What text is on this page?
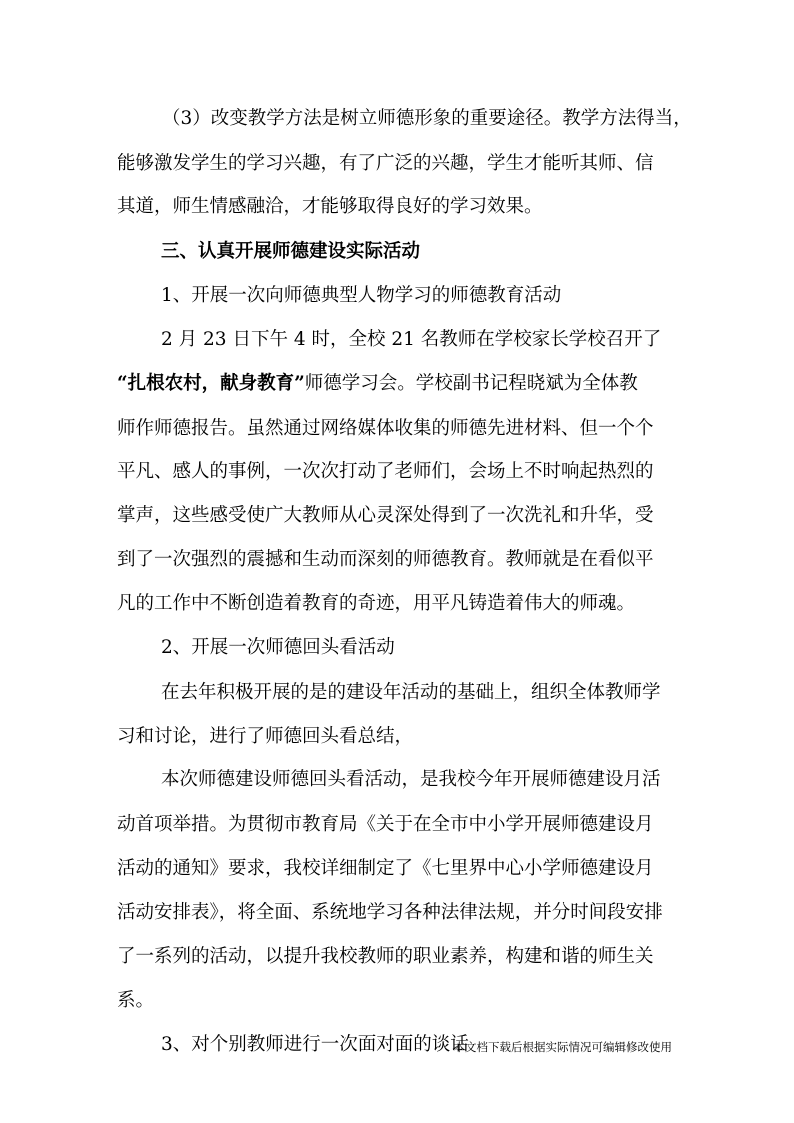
（3）改变教学方法是树立师德形象的重要途径。教学方法得当，
能够激发学生的学习兴趣，有了广泛的兴趣，学生才能听其师、信
其道，师生情感融洽，才能够取得良好的学习效果。
三、认真开展师德建设实际活动
1、开展一次向师德典型人物学习的师德教育活动
2 月 23 日下午 4 时，全校 21 名教师在学校家长学校召开了
“扎根农村，献身教育”师德学习会。学校副书记程晓斌为全体教
师作师德报告。虽然通过网络媒体收集的师德先进材料、但一个个
平凡、感人的事例，一次次打动了老师们，会场上不时响起热烈的
掌声，这些感受使广大教师从心灵深处得到了一次洗礼和升华，受
到了一次强烈的震撼和生动而深刻的师德教育。教师就是在看似平
凡的工作中不断创造着教育的奇迹，用平凡铸造着伟大的师魂。
2、开展一次师德回头看活动
在去年积极开展的是的建设年活动的基础上，组织全体教师学
习和讨论，进行了师德回头看总结，
本次师德建设师德回头看活动，是我校今年开展师德建设月活
动首项举措。为贯彻市教育局《关于在全市中小学开展师德建设月
活动的通知》要求，我校详细制定了《七里界中心小学师德建设月
活动安排表》，将全面、系统地学习各种法律法规，并分时间段安排
了一系列的活动，以提升我校教师的职业素养，构建和谐的师生关
系。
3、对个别教师进行一次面对面的谈话
本文档下载后根据实际情况可编辑修改使用
